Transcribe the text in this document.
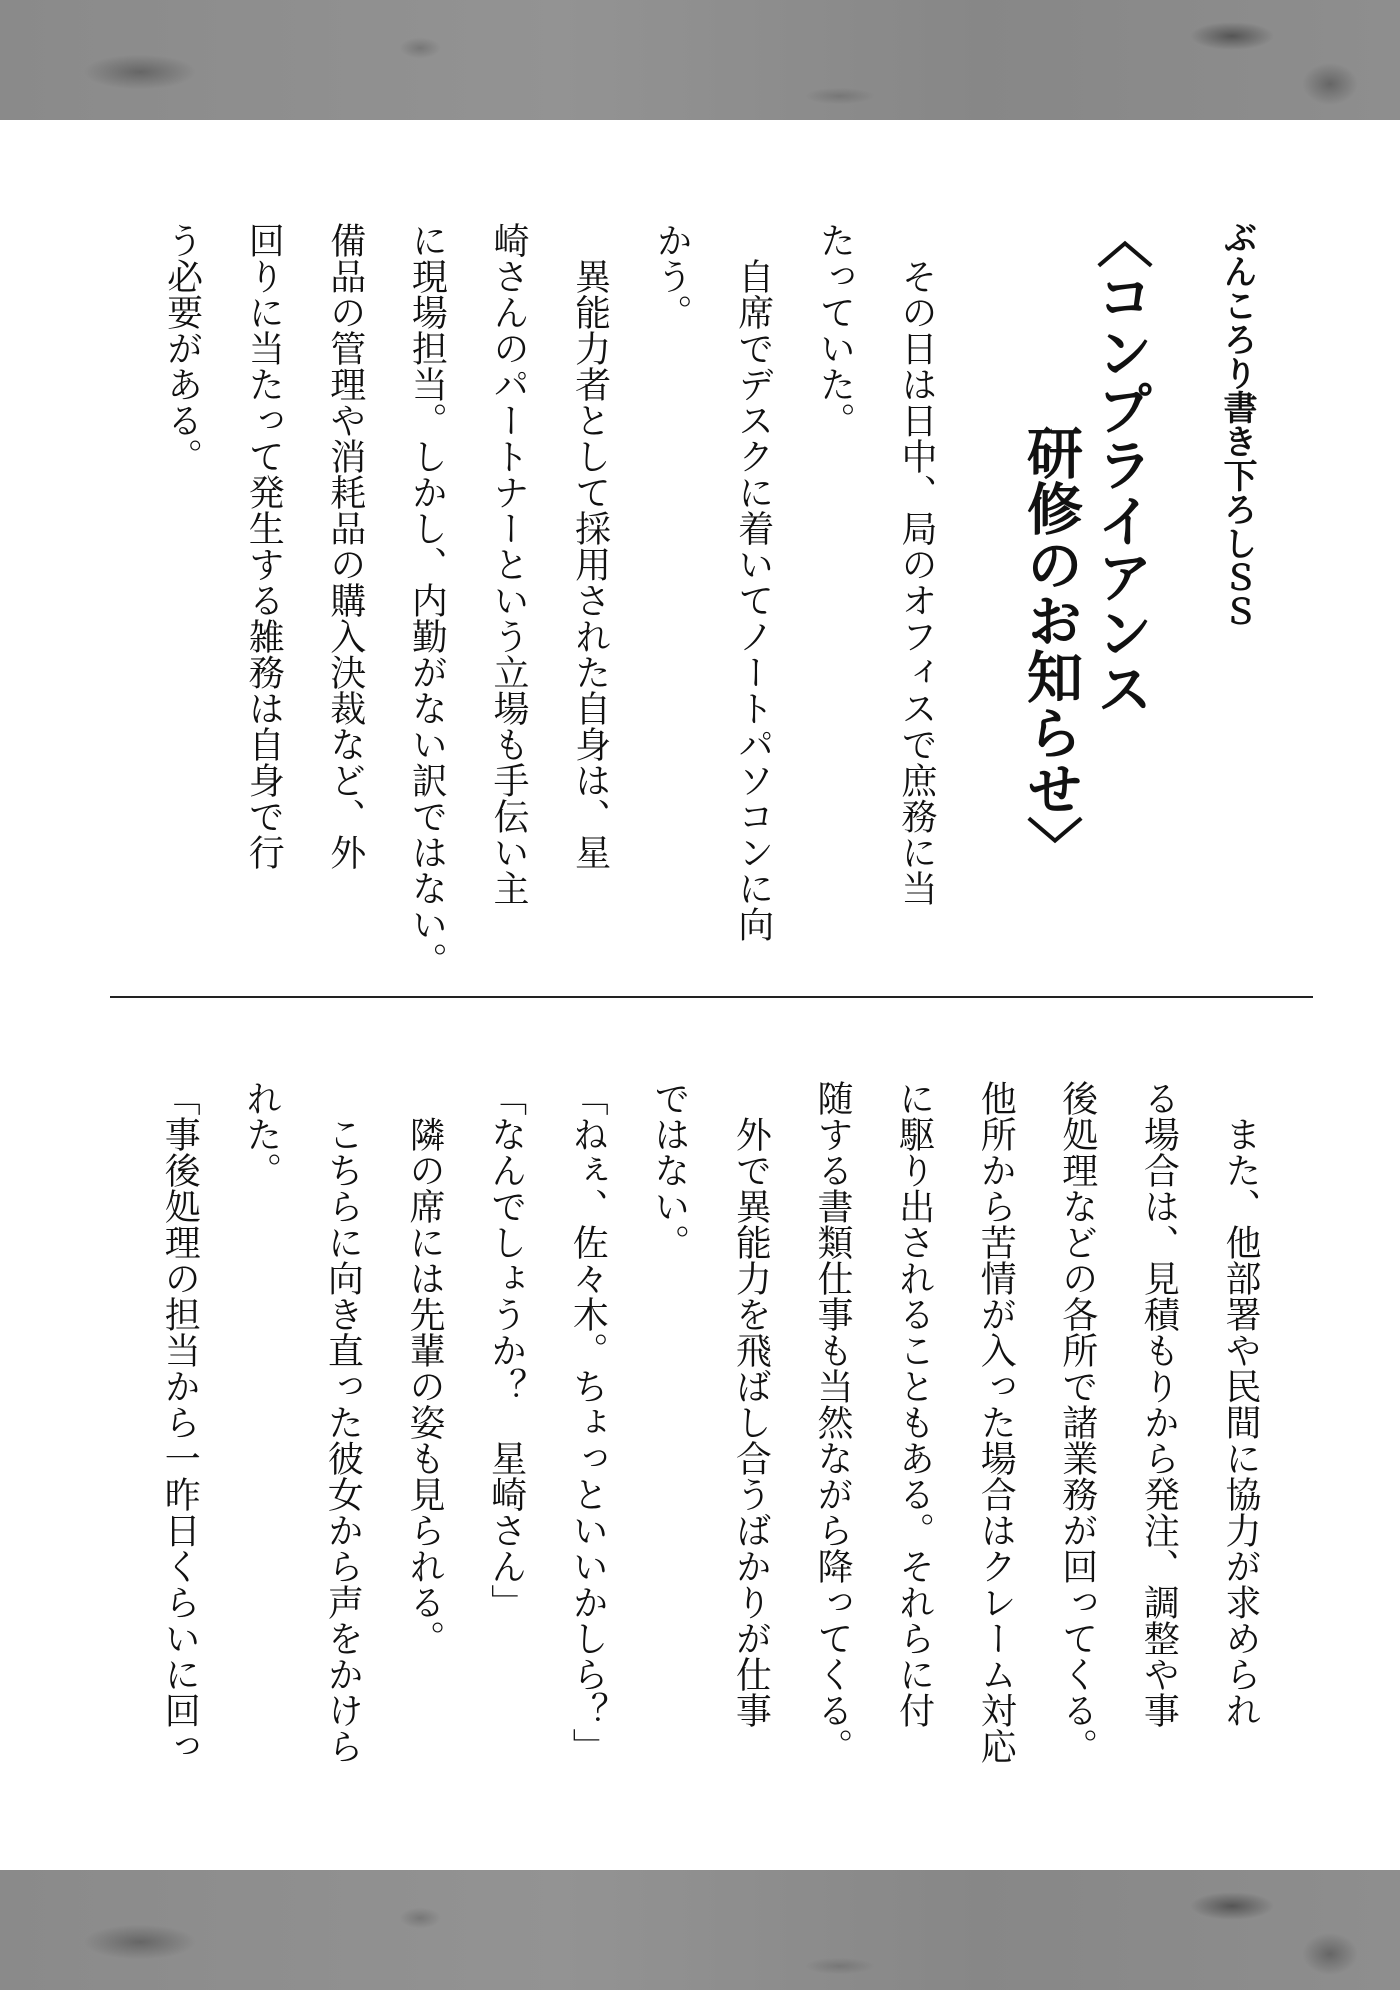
ぶんころり書き下ろしＳＳ
〈コンプライアンス
研修のお知らせ〉
　その日は日中、局のオフィスで庶務に当
たっていた。
　自席でデスクに着いてノートパソコンに向
かう。
　異能力者として採用された自身は、星
崎さんのパートナーという立場も手伝い主
に現場担当。しかし、内勤がない訳ではない。
備品の管理や消耗品の購入決裁など、外
回りに当たって発生する雑務は自身で行
う必要がある。
　また、他部署や民間に協力が求められ
る場合は、見積もりから発注、調整や事
後処理などの各所で諸業務が回ってくる。
他所から苦情が入った場合はクレーム対応
に駆り出されることもある。それらに付
随する書類仕事も当然ながら降ってくる。
　外で異能力を飛ばし合うばかりが仕事
ではない。
「ねぇ、佐々木。ちょっといいかしら？」
「なんでしょうか？　星崎さん」
　隣の席には先輩の姿も見られる。
　こちらに向き直った彼女から声をかけら
れた。
「事後処理の担当から一昨日くらいに回っ
